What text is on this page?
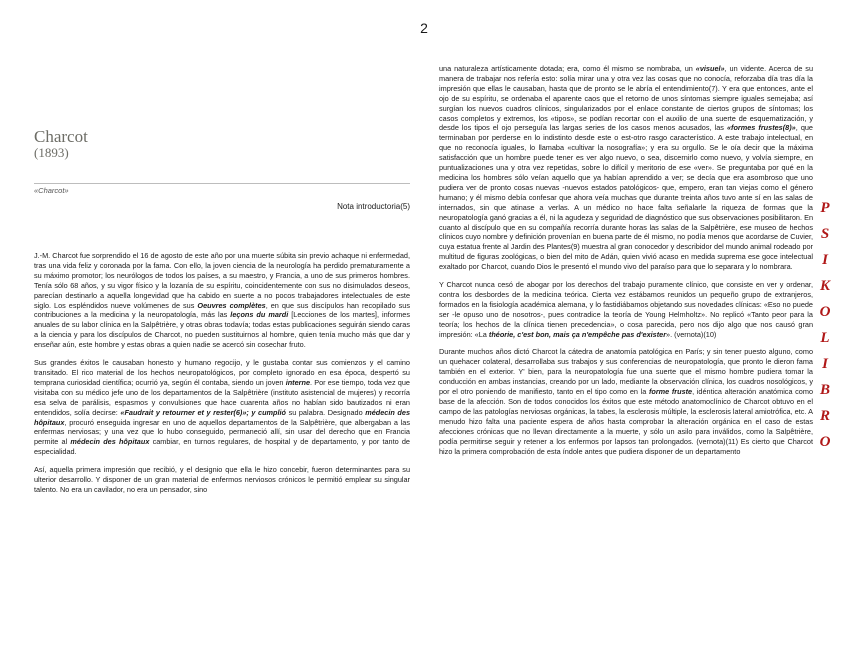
2
Charcot
(1893)
«Charcot»
Nota introductoria(5)

J.-M. Charcot fue sorprendido el 16 de agosto de este año por una muerte súbita sin previo achaque ni enfermedad, tras una vida feliz y coronada por la fama. Con ello, la joven ciencia de la neurología ha perdido prematuramente a su máximo promotor; los neurólogos de todos los países, a su maestro, y Francia, a uno de sus primeros hombres. Tenía sólo 68 años, y su vigor físico y la lozanía de su espíritu, coincidentemente con sus no disimulados deseos, parecían destinarlo a aquella longevidad que ha cabido en suerte a no pocos trabajadores intelectuales de este siglo. Los espléndidos nueve volúmenes de sus Oeuvres complètes, en que sus discípulos han recopilado sus contribuciones a la medicina y la neuropatología, más las leçons du mardi [Lecciones de los martes], informes anuales de su labor clínica en la Salpêtrière, y otras obras todavía; todas estas publicaciones seguirán siendo caras a la ciencia y para los discípulos de Charcot, no pueden sustituirnos al hombre, quien tenía mucho más que dar y enseñar aún, este hombre y estas obras a quien nadie se acercó sin cosechar fruto.

Sus grandes éxitos le causaban honesto y humano regocijo, y le gustaba contar sus comienzos y el camino transitado. El rico material de los hechos neuropatológicos, por completo ignorado en esa época, despertó su temprana curiosidad científica; ocurrió ya, según él contaba, siendo un joven interne. Por ese tiempo, toda vez que visitaba con su médico jefe uno de los departamentos de la Salpêtrière (instituto asistencial de mujeres) y recorría esa selva de parálisis, espasmos y convulsiones que hace cuarenta años no habían sido bautizados ni eran entendidos, solía decirse: «Faudrait y retourner et y rester(6)»; y cumplió su palabra. Designado médecin des hôpitaux, procuró enseguida ingresar en uno de aquellos departamentos de la Salpêtrière, que albergaban a las enfermas nerviosas; y una vez que lo hubo conseguido, permaneció allí, sin usar del derecho que en Francia permite al médecin des hôpitaux cambiar, en turnos regulares, de hospital y de departamento, y por tanto de especialidad.

Así, aquella primera impresión que recibió, y el designio que ella le hizo concebir, fueron determinantes para su ulterior desarrollo. Y disponer de un gran material de enfermos nerviosos crónicos le permitió emplear su singular talento. No era un cavilador, no era un pensador, sino

una naturaleza artísticamente dotada; era, como él mismo se nombraba, un «visuel», un vidente. Acerca de su manera de trabajar nos refería esto: solía mirar una y otra vez las cosas que no conocía, reforzaba día tras día la impresión que ellas le causaban, hasta que de pronto se le abría el entendimiento(7). Y era que entonces, ante el ojo de su espíritu, se ordenaba el aparente caos que el retorno de unos síntomas siempre iguales semejaba; así surgían los nuevos cuadros clínicos, singularizados por el enlace constante de ciertos grupos de síntomas; los casos completos y extremos, los «tipos», se podían recortar con el auxilio de una suerte de esquematización, y desde los tipos el ojo perseguía las largas series de los casos menos acusados, las «formes frustes(8)», que terminaban por perderse en lo indistinto desde este o est-otro rasgo característico. A este trabajo intelectual, en que no reconocía iguales, lo llamaba «cultivar la nosografía»; y era su orgullo. Se le oía decir que la máxima satisfacción que un hombre puede tener es ver algo nuevo, o sea, discernirlo como nuevo, y volvía siempre, en puntualizaciones una y otra vez repetidas, sobre lo difícil y meritorio de ese «ver». Se preguntaba por qué en la medicina los hombres sólo veían aquello que ya habían aprendido a ver; se decía que era asombroso que uno pudiera ver de pronto cosas nuevas -nuevos estados patológicos- que, empero, eran tan viejas como el género humano; y él mismo debía confesar que ahora veía muchas que durante treinta años tuvo ante sí en las salas de internados, sin que atinase a verlas. A un médico no hace falta señalarle la riqueza de formas que la neuropatología ganó gracias a él, ni la agudeza y seguridad de diagnóstico que sus observaciones posibilitaron. En cuanto al discípulo que en su compañía recorría durante horas las salas de la Salpêtrière, ese museo de hechos clínicos cuyo nombre y definición provenían en buena parte de él mismo, no podía menos que acordarse de Cuvier, cuya estatua frente al Jardin des Plantes(9) muestra al gran conocedor y describidor del mundo animal rodeado por multitud de figuras zoológicas, o bien del mito de Adán, quien vivió acaso en medida suprema ese goce intelectual exaltado por Charcot, cuando Dios le presentó el mundo vivo del paraíso para que lo separara y lo nombrara.

Y Charcot nunca cesó de abogar por los derechos del trabajo puramente clínico, que consiste en ver y ordenar, contra los desbordes de la medicina teórica. Cierta vez estábamos reunidos un pequeño grupo de extranjeros, formados en la fisiología académica alemana, y lo fastidiábamos objetando sus novedades clínicas: «Eso no puede ser -le opuso uno de nosotros-, pues contradice la teoría de Young Helmholtz». No replicó «Tanto peor para la teoría; los hechos de la clínica tienen precedencia», o cosa parecida, pero nos dijo algo que nos causó gran impresión: «La théorie, c'est bon, mais ça n'empêche pas d'exister». (vernota)(10)

Durante muchos años dictó Charcot la cátedra de anatomía patológica en París; y sin tener puesto alguno, como un quehacer colateral, desarrollaba sus trabajos y sus conferencias de neuropatología, que pronto le dieron fama también en el exterior. Y' bien, para la neuropatología fue una suerte que el mismo hombre pudiera tomar la conducción en ambas instancias, creando por un lado, mediante la observación clínica, los cuadros nosológicos, y por el otro poniendo de manifiesto, tanto en el tipo como en la forme fruste, idéntica alteración anatómica como base de la afección. Son de todos conocidos los éxitos que este método anatomoclínico de Charcot obtuvo en el campo de las patologías nerviosas orgánicas, la tabes, la esclerosis múltiple, la esclerosis lateral amiotrófica, etc. A menudo hizo falta una paciente espera de años hasta comprobar la alteración orgánica en el caso de estas afecciones crónicas que no llevan directamente a la muerte, y sólo un asilo para inválidos, como la Salpêtrière, podía permitirse seguir y retener a los enfermos por lapsos tan prolongados. (vernota)(11) Es cierto que Charcot hizo la primera comprobación de esta índole antes que pudiera disponer de un departamento

P
S
I
K
O
L
I
B
R
O
